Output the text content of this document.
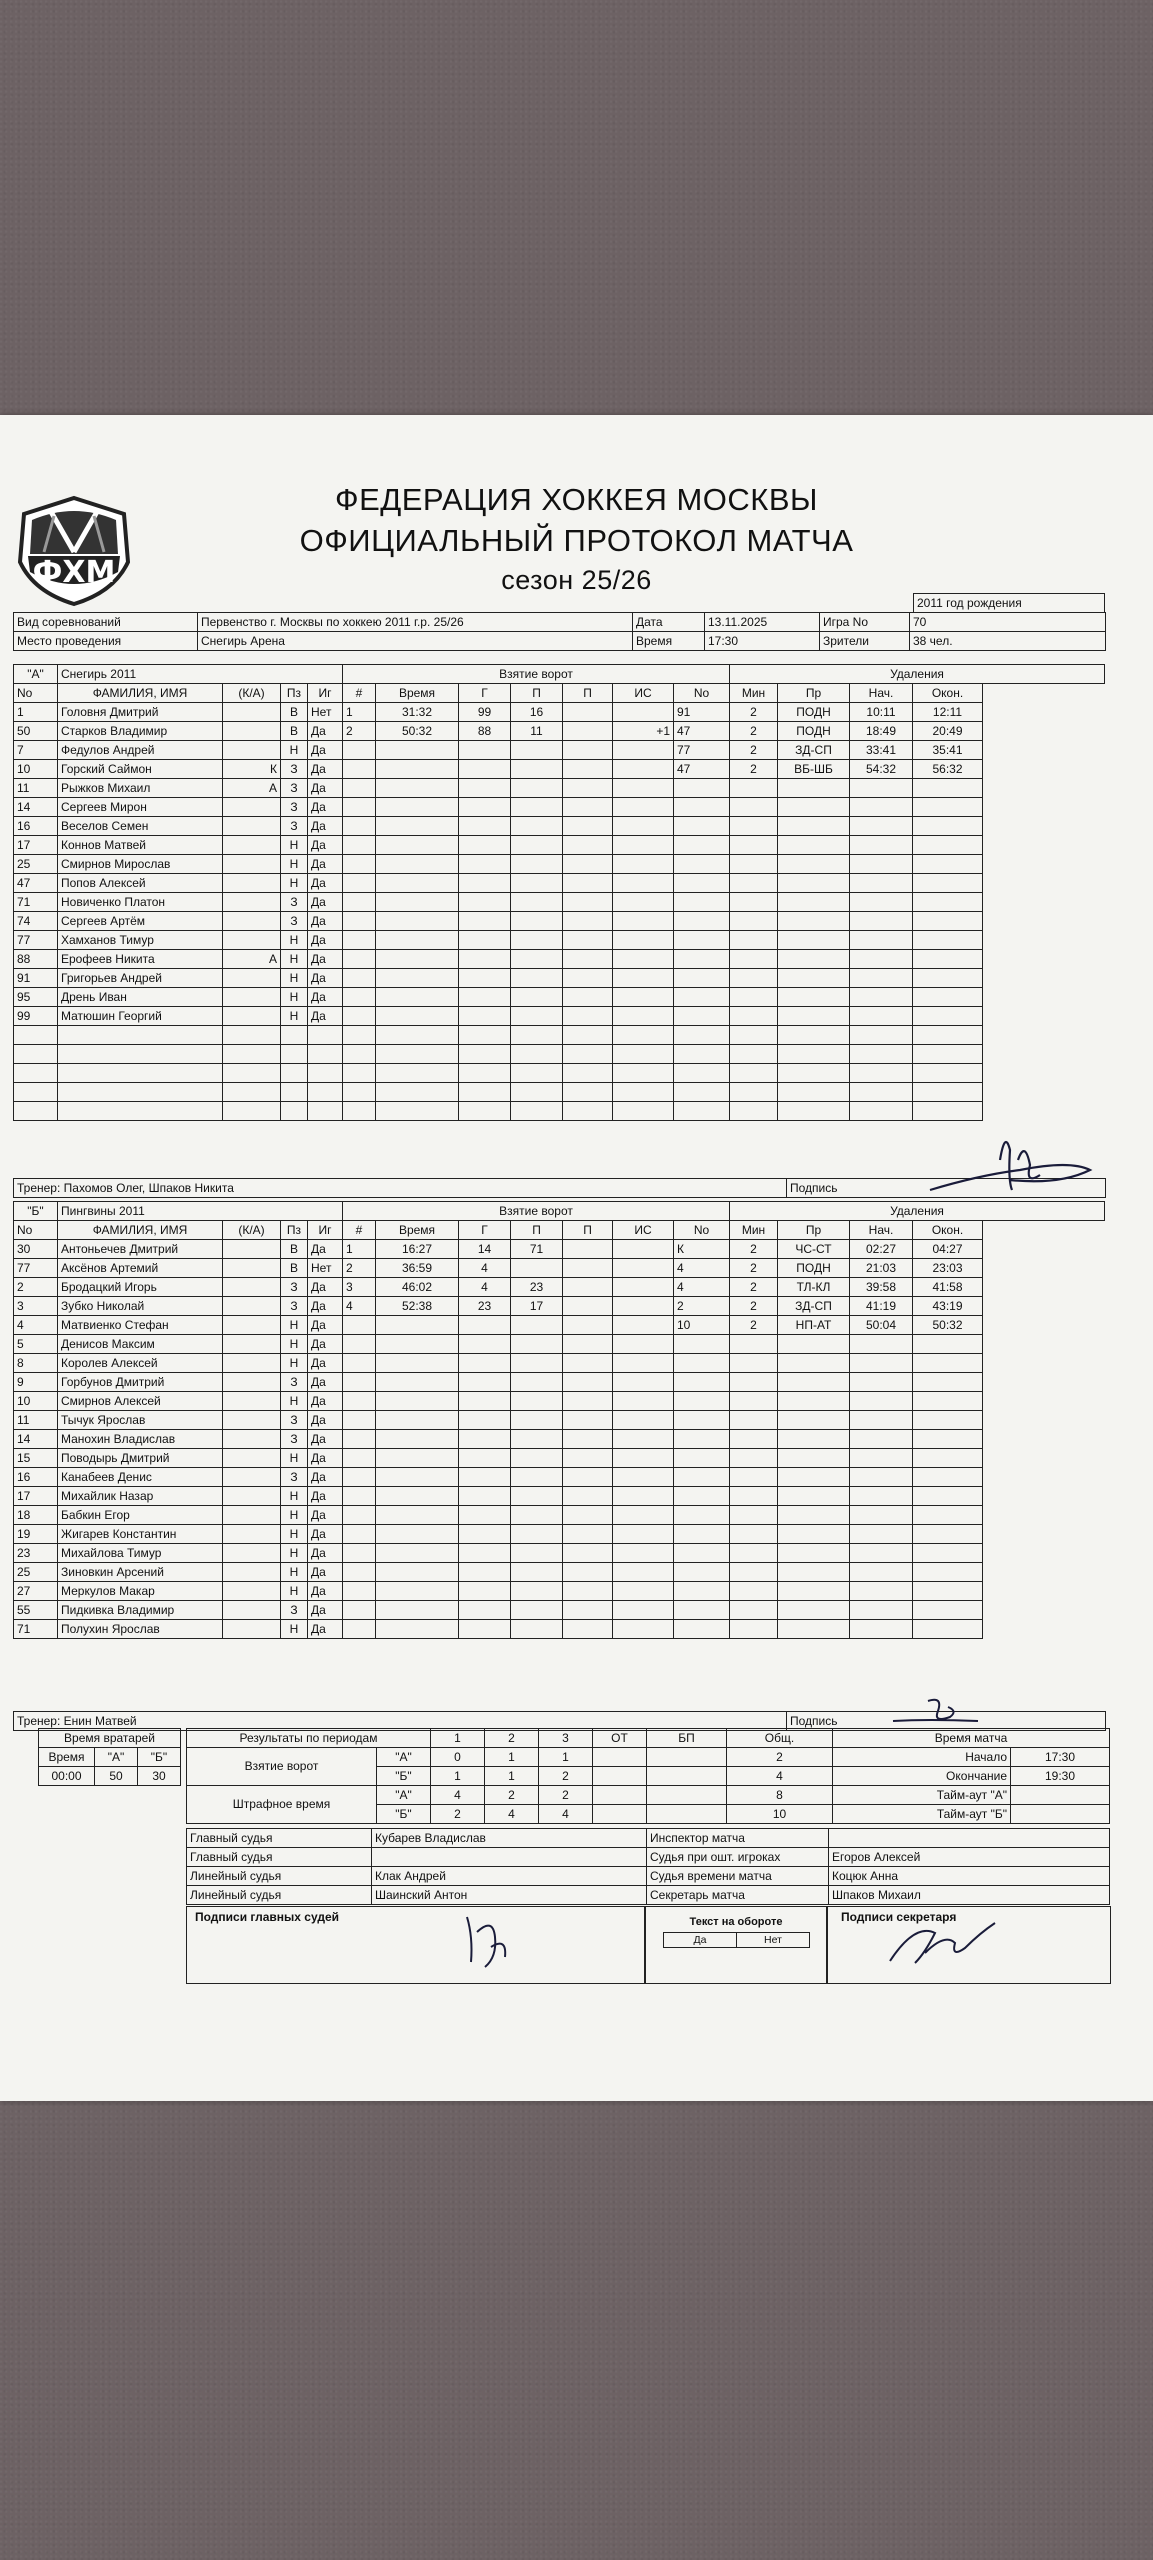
ФХМ
ФЕДЕРАЦИЯ ХОККЕЯ МОСКВЫ
ОФИЦИАЛЬНЫЙ ПРОТОКОЛ МАТЧА
сезон 25/26
2011 год рождения
Вид соревнований	Первенство г. Москвы по хоккею 2011 г.р. 25/26	Дата	13.11.2025	Игра No	70
Место проведения	Снегирь Арена	Время	17:30	Зрители	38 чел.
"А"	Снегирь 2011				Взятие ворот							Удаления			
No	ФАМИЛИЯ, ИМЯ	(К/А)	Пз	Иг	#	Время	Г	П	П	ИС	No	Мин	Пр	Нач.	Окон.
1	Головня Дмитрий		В	Нет	1	31:32	99	16			91	2	ПОДН	10:11	12:11
50	Старков Владимир		В	Да	2	50:32	88	11		+1	47	2	ПОДН	18:49	20:49
7	Федулов Андрей		Н	Да							77	2	ЗД-СП	33:41	35:41
10	Горский Саймон	К	З	Да							47	2	ВБ-ШБ	54:32	56:32
11	Рыжков Михаил	А	З	Да											
14	Сергеев Мирон		З	Да											
16	Веселов Семен		З	Да											
17	Коннов Матвей		Н	Да											
25	Смирнов Мирослав		Н	Да											
47	Попов Алексей		Н	Да											
71	Новиченко Платон		З	Да											
74	Сергеев Артём		З	Да											
77	Хамханов Тимур		Н	Да											
88	Ерофеев Никита	А	Н	Да											
91	Григорьев Андрей		Н	Да											
95	Дрень Иван		Н	Да											
99	Матюшин Георгий		Н	Да											

Тренер: Пахомов Олег, Шпаков Никита	Подпись
"Б"	Пингвины 2011				Взятие ворот							Удаления			
No	ФАМИЛИЯ, ИМЯ	(К/А)	Пз	Иг	#	Время	Г	П	П	ИС	No	Мин	Пр	Нач.	Окон.
30	Антоньечев Дмитрий		В	Да	1	16:27	14	71			К	2	ЧС-СТ	02:27	04:27
77	Аксёнов Артемий		В	Нет	2	36:59	4				4	2	ПОДН	21:03	23:03
2	Бродацкий Игорь		З	Да	3	46:02	4	23			4	2	ТЛ-КЛ	39:58	41:58
3	Зубко Николай		З	Да	4	52:38	23	17			2	2	ЗД-СП	41:19	43:19
4	Матвиенко Стефан		Н	Да							10	2	НП-АТ	50:04	50:32
5	Денисов Максим		Н	Да											
8	Королев Алексей		Н	Да											
9	Горбунов Дмитрий		З	Да											
10	Смирнов Алексей		Н	Да											
11	Тычук Ярослав		З	Да											
14	Манохин Владислав		З	Да											
15	Поводырь Дмитрий		Н	Да											
16	Канабеев Денис		З	Да											
17	Михайлик Назар		Н	Да											
18	Бабкин Егор		Н	Да											
19	Жигарев Константин		Н	Да											
23	Михайлова Тимур		Н	Да											
25	Зиновкин Арсений		Н	Да											
27	Меркулов Макар		Н	Да											
55	Пидкивка Владимир		З	Да											
71	Полухин Ярослав		Н	Да											
Тренер: Енин Матвей	Подпись
Время вратарей		
Время	"А"	"Б"
00:00	50	30
Результаты по периодам		1	2	3	ОТ	БП	Общ.
Взятие ворот	"А"	0	1	1			2
	"Б"	1	1	2			4
Штрафное время	"А"	4	2	2			8
	"Б"	2	4	4			10
Время матча	
Начало	17:30
Окончание	19:30
Тайм-аут "А"	
Тайм-аут "Б"	
Главный судья	Кубарев Владислав	Инспектор матча	
Главный судья		Судья при ошт. игроках	Егоров Алексей
Линейный судья	Клак Андрей	Судья времени матча	Коцюк Анна
Линейный судья	Шаинский Антон	Секретарь матча	Шпаков Михаил
Подписи главных судей	Текст на обороте
Да	Нет
Подписи секретаря
